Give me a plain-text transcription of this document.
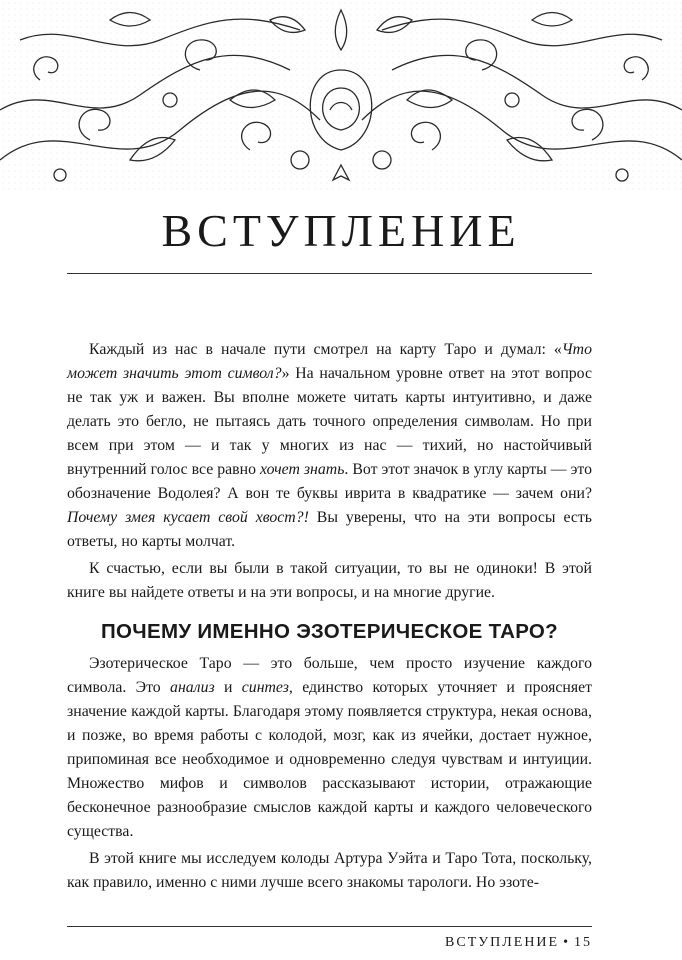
ВСТУПЛЕНИЕ

Каждый из нас в начале пути смотрел на карту Таро и думал: «Что может значить этот символ?» На начальном уровне ответ на этот вопрос не так уж и важен. Вы вполне можете читать карты интуитивно, и даже делать это бегло, не пытаясь дать точного определения символам. Но при всем при этом — и так у многих из нас — тихий, но настойчивый внутренний голос все равно хочет знать. Вот этот значок в углу карты — это обозначение Водолея? А вон те буквы иврита в квадратике — зачем они? Почему змея кусает свой хвост?! Вы уверены, что на эти вопросы есть ответы, но карты молчат.

К счастью, если вы были в такой ситуации, то вы не одиноки! В этой книге вы найдете ответы и на эти вопросы, и на многие другие.

ПОЧЕМУ ИМЕННО ЭЗОТЕРИЧЕСКОЕ ТАРО?

Эзотерическое Таро — это больше, чем просто изучение каждого символа. Это анализ и синтез, единство которых уточняет и проясняет значение каждой карты. Благодаря этому появляется структура, некая основа, и позже, во время работы с колодой, мозг, как из ячейки, достает нужное, припоминая все необходимое и одновременно следуя чувствам и интуиции. Множество мифов и символов рассказывают истории, отражающие бесконечное разнообразие смыслов каждой карты и каждого человеческого существа.

В этой книге мы исследуем колоды Артура Уэйта и Таро Тота, поскольку, как правило, именно с ними лучше всего знакомы тарологи. Но эзоте-

ВСТУПЛЕНИЕ • 15
